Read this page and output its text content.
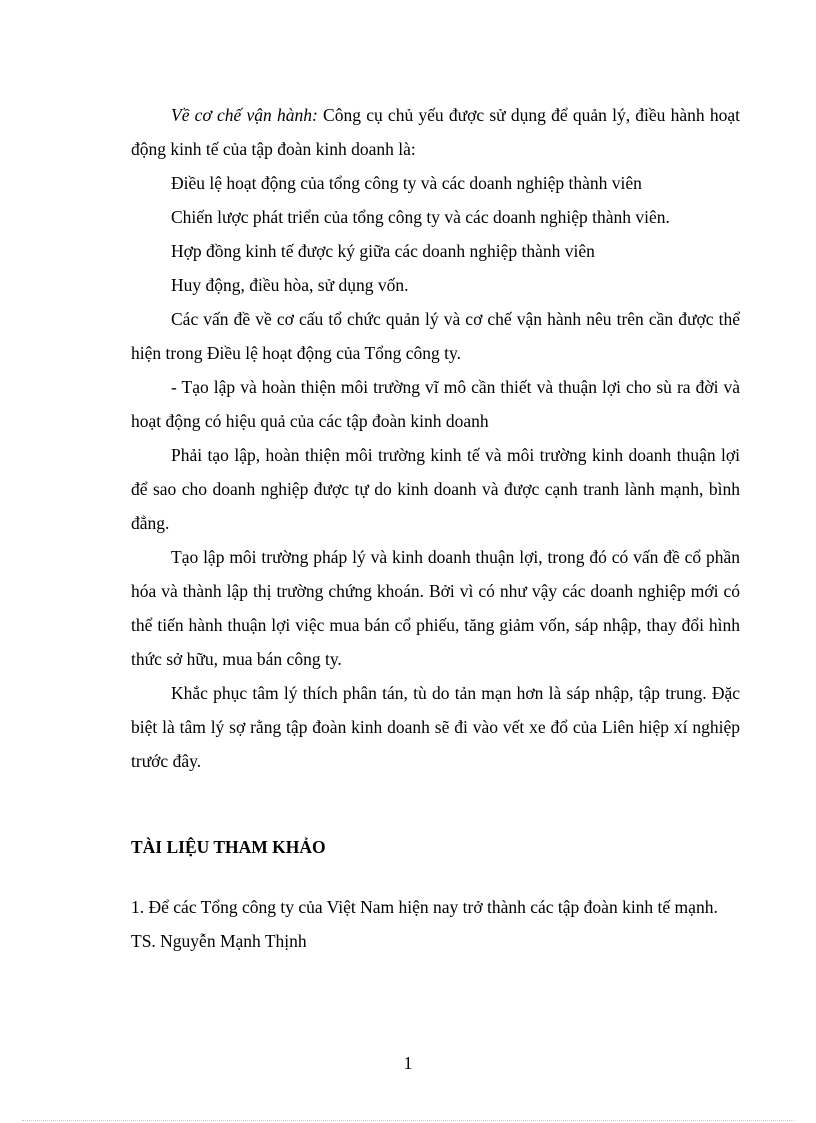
Về cơ chế vận hành: Công cụ chủ yếu được sử dụng để quản lý, điều hành hoạt động kinh tế của tập đoàn kinh doanh là:

Điều lệ hoạt động của tổng công ty và các doanh nghiệp thành viên

Chiến lược phát triển của tổng công ty và các doanh nghiệp thành viên.

Hợp đồng kinh tế được ký giữa các doanh nghiệp thành viên

Huy động, điều hòa, sử dụng vốn.

Các vấn đề về cơ cấu tổ chức quản lý và cơ chế vận hành nêu trên cần được thể hiện trong Điều lệ hoạt động của Tổng công ty.

- Tạo lập và hoàn thiện môi trường vĩ mô cần thiết và thuận lợi cho sù ra đời và hoạt động có hiệu quả của các tập đoàn kinh doanh

Phải tạo lập, hoàn thiện môi trường kinh tế và môi trường kinh doanh thuận lợi để sao cho doanh nghiệp được tự do kinh doanh và được cạnh tranh lành mạnh, bình đẳng.

Tạo lập môi trường pháp lý và kinh doanh thuận lợi, trong đó có vấn đề cổ phần hóa và thành lập thị trường chứng khoán. Bởi vì có như vậy các doanh nghiệp mới có thể tiến hành thuận lợi việc mua bán cổ phiếu, tăng giảm vốn, sáp nhập, thay đổi hình thức sở hữu, mua bán công ty.

Khắc phục tâm lý thích phân tán, tù do tản mạn hơn là sáp nhập, tập trung. Đặc biệt là tâm lý sợ rằng tập đoàn kinh doanh sẽ đi vào vết xe đổ của Liên hiệp xí nghiệp trước đây.

TÀI LIỆU THAM KHẢO

1. Để các Tổng công ty của Việt Nam hiện nay trở thành các tập đoàn kinh tế mạnh.

TS. Nguyễn Mạnh Thịnh

1
